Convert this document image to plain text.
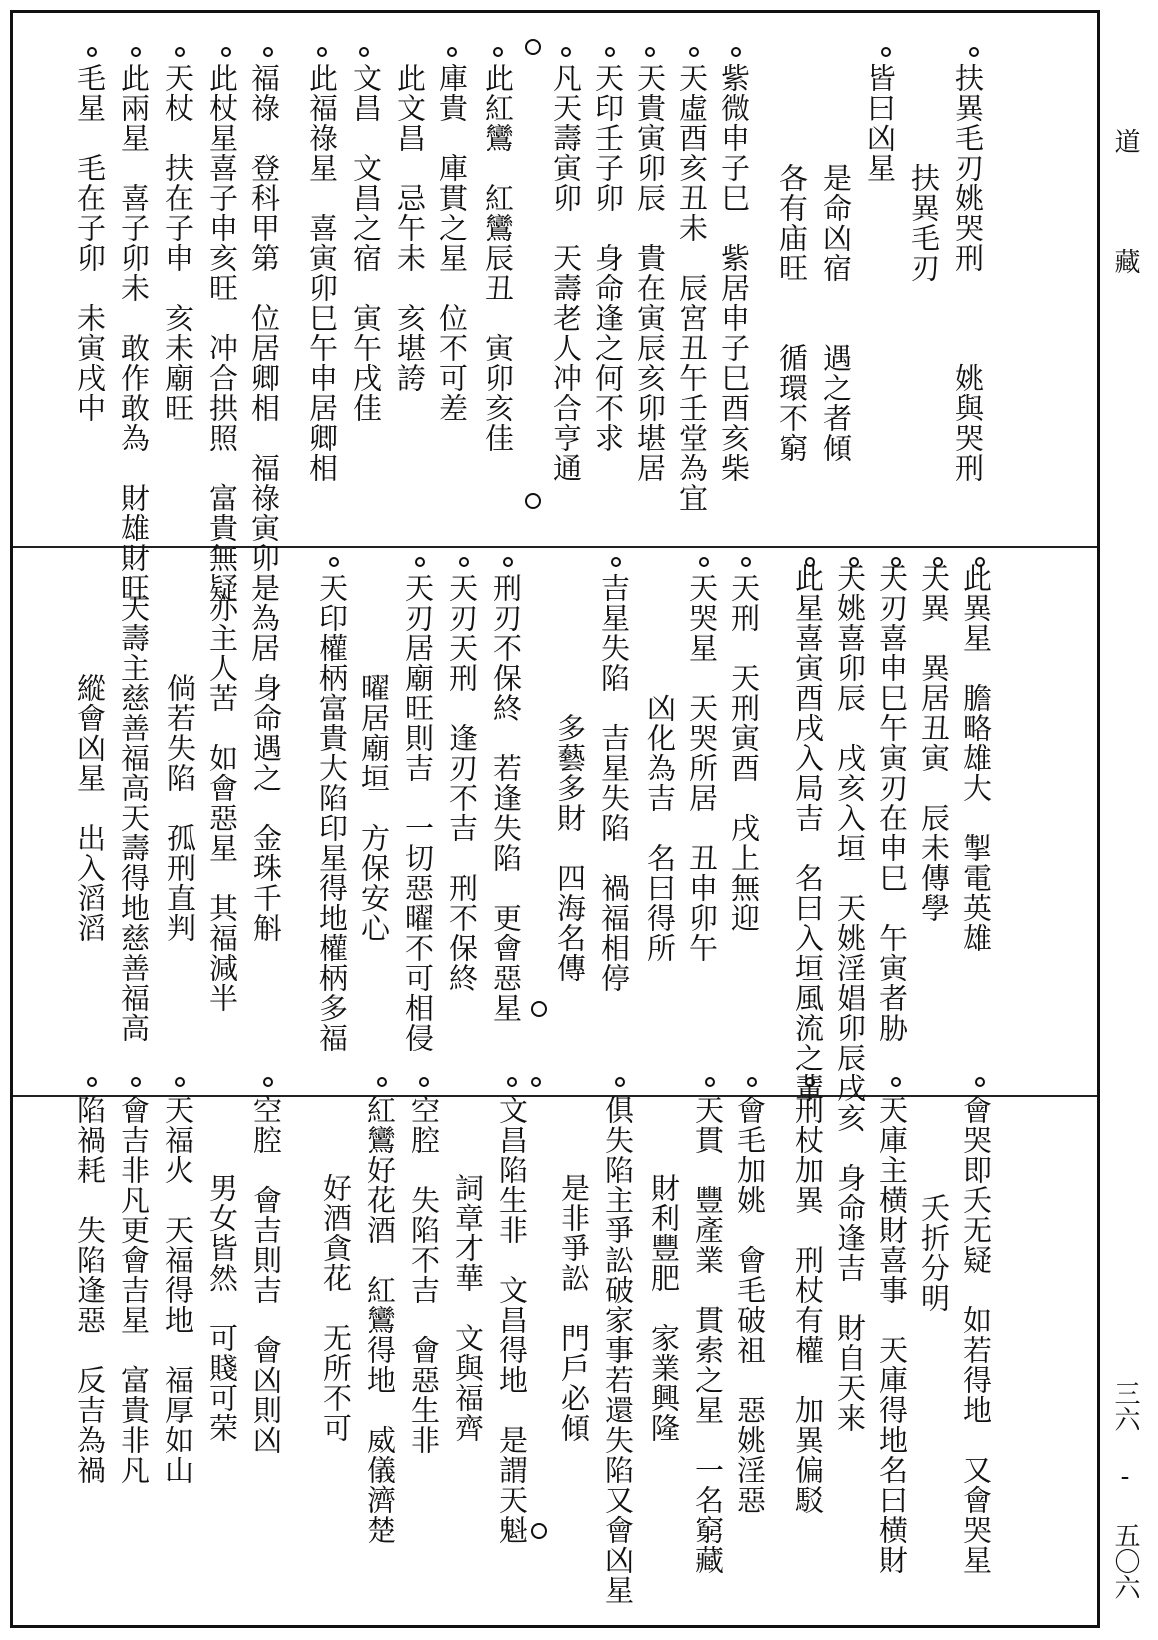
扶異毛刃姚哭刑　　　姚與哭刑
扶異毛刃
皆曰凶星
是命凶宿　　遇之者傾
各有庙旺　　循環不窮
紫微申子巳　紫居申子巳酉亥柴
天虛酉亥丑未　辰宮丑午壬堂為宜
天貴寅卯辰　貴在寅辰亥卯堪居
天印壬子卯　身命逢之何不求
凡天壽寅卯　天壽老人冲合亨通
此紅鸞　紅鸞辰丑　寅卯亥佳
庫貴　庫貫之星　位不可差
此文昌　忌午未　亥堪誇
文昌　文昌之宿　寅午戌佳
此福祿星　喜寅卯巳午申居卿相
福祿　登科甲第　位居卿相　福祿寅卯是為居
此杖星喜子申亥旺　冲合拱照　富貴無疑
天杖　扶在子申　亥未廟旺
此兩星　喜子卯未　敢作敢為　財雄財旺
毛星　毛在子卯　未寅戌中
此異星　膽略雄大　掣電英雄
天異　異居丑寅　辰未傳學
天刃喜申巳午寅刃在申巳　午寅者胁
天姚喜卯辰　戌亥入垣　天姚淫娼卯辰戌亥
此星喜寅酉戌入局吉　名曰入垣風流之輩
天刑　天刑寅酉　戌上無迎
天哭星　天哭所居　丑申卯午
凶化為吉　名曰得所
吉星失陷　吉星失陷　禍福相停
多藝多財　四海名傳
刑刃不保終　若逢失陷　更會惡星
天刃天刑　逢刃不吉　刑不保終
天刃居廟旺則吉　一切惡曜不可相侵
曜居廟垣　方保安心
天印權柄富貴大陷印星得地權柄多福
身命遇之　金珠千斛
亦主人苦　如會惡星　其福減半
倘若失陷　孤刑直判
天壽主慈善福高天壽得地慈善福高
縱會凶星　出入滔滔
會哭即夭无疑　如若得地　又會哭星
夭折分明
天庫主横財喜事　天庫得地名曰横財
身命逢吉　財自天来
刑杖加異　刑杖有權　加異偏駁
會毛加姚　會毛破祖　惡姚淫惡
天貫　豐產業　貫索之星　一名窮藏
財利豐肥　家業興隆
俱失陷主爭訟破家事若還失陷又會凶星
是非爭訟　門戶必傾
文昌陷生非　文昌得地　是謂天魁
詞章才華　文與福齊
空腔　失陷不吉　會惡生非
紅鸞好花酒　紅鸞得地　威儀濟楚
好酒貪花　无所不可
空腔　會吉則吉　會凶則凶
男女皆然　可賤可荣
天福火　天福得地　福厚如山
會吉非凡更會吉星　富貴非凡
陷禍耗　失陷逢惡　反吉為禍
道
藏
三六 - 五〇六
